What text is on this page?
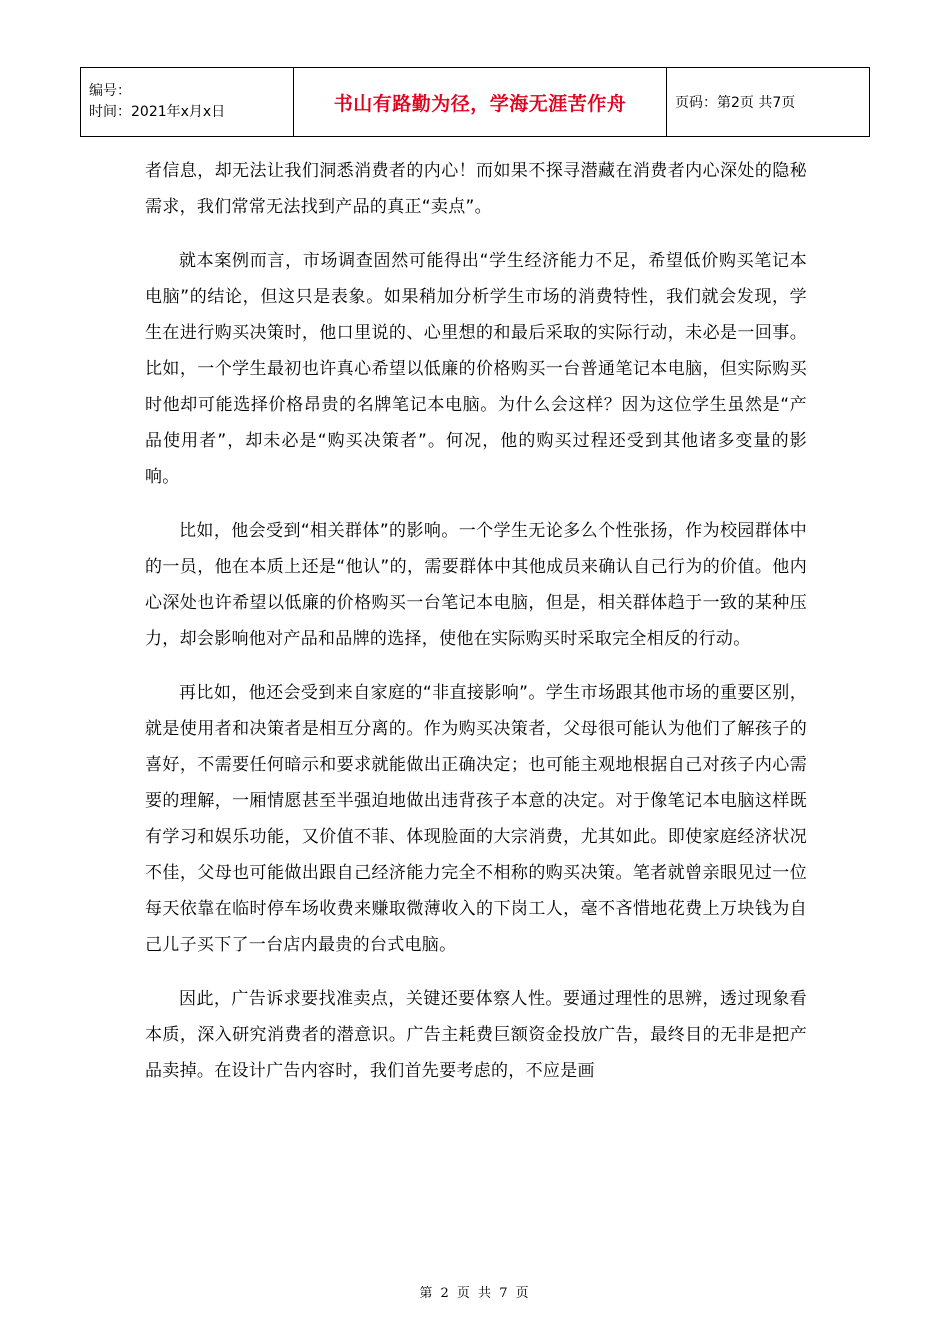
编号：
时间：2021年x月x日	书山有路勤为径，学海无涯苦作舟	页码：第2页 共7页

者信息，却无法让我们洞悉消费者的内心！而如果不探寻潜藏在消费者内心深处的隐秘需求，我们常常无法找到产品的真正“卖点”。

就本案例而言，市场调查固然可能得出“学生经济能力不足，希望低价购买笔记本电脑”的结论，但这只是表象。如果稍加分析学生市场的消费特性，我们就会发现，学生在进行购买决策时，他口里说的、心里想的和最后采取的实际行动，未必是一回事。比如，一个学生最初也许真心希望以低廉的价格购买一台普通笔记本电脑，但实际购买时他却可能选择价格昂贵的名牌笔记本电脑。为什么会这样？因为这位学生虽然是“产品使用者”，却未必是“购买决策者”。何况，他的购买过程还受到其他诸多变量的影响。

比如，他会受到“相关群体”的影响。一个学生无论多么个性张扬，作为校园群体中的一员，他在本质上还是“他认”的，需要群体中其他成员来确认自己行为的价值。他内心深处也许希望以低廉的价格购买一台笔记本电脑，但是，相关群体趋于一致的某种压力，却会影响他对产品和品牌的选择，使他在实际购买时采取完全相反的行动。

再比如，他还会受到来自家庭的“非直接影响”。学生市场跟其他市场的重要区别，就是使用者和决策者是相互分离的。作为购买决策者，父母很可能认为他们了解孩子的喜好，不需要任何暗示和要求就能做出正确决定；也可能主观地根据自己对孩子内心需要的理解，一厢情愿甚至半强迫地做出违背孩子本意的决定。对于像笔记本电脑这样既有学习和娱乐功能，又价值不菲、体现脸面的大宗消费，尤其如此。即使家庭经济状况不佳，父母也可能做出跟自己经济能力完全不相称的购买决策。笔者就曾亲眼见过一位每天依靠在临时停车场收费来赚取微薄收入的下岗工人，毫不吝惜地花费上万块钱为自己儿子买下了一台店内最贵的台式电脑。

因此，广告诉求要找准卖点，关键还要体察人性。要通过理性的思辨，透过现象看本质，深入研究消费者的潜意识。广告主耗费巨额资金投放广告，最终目的无非是把产品卖掉。在设计广告内容时，我们首先要考虑的，不应是画

第 2 页 共 7 页
